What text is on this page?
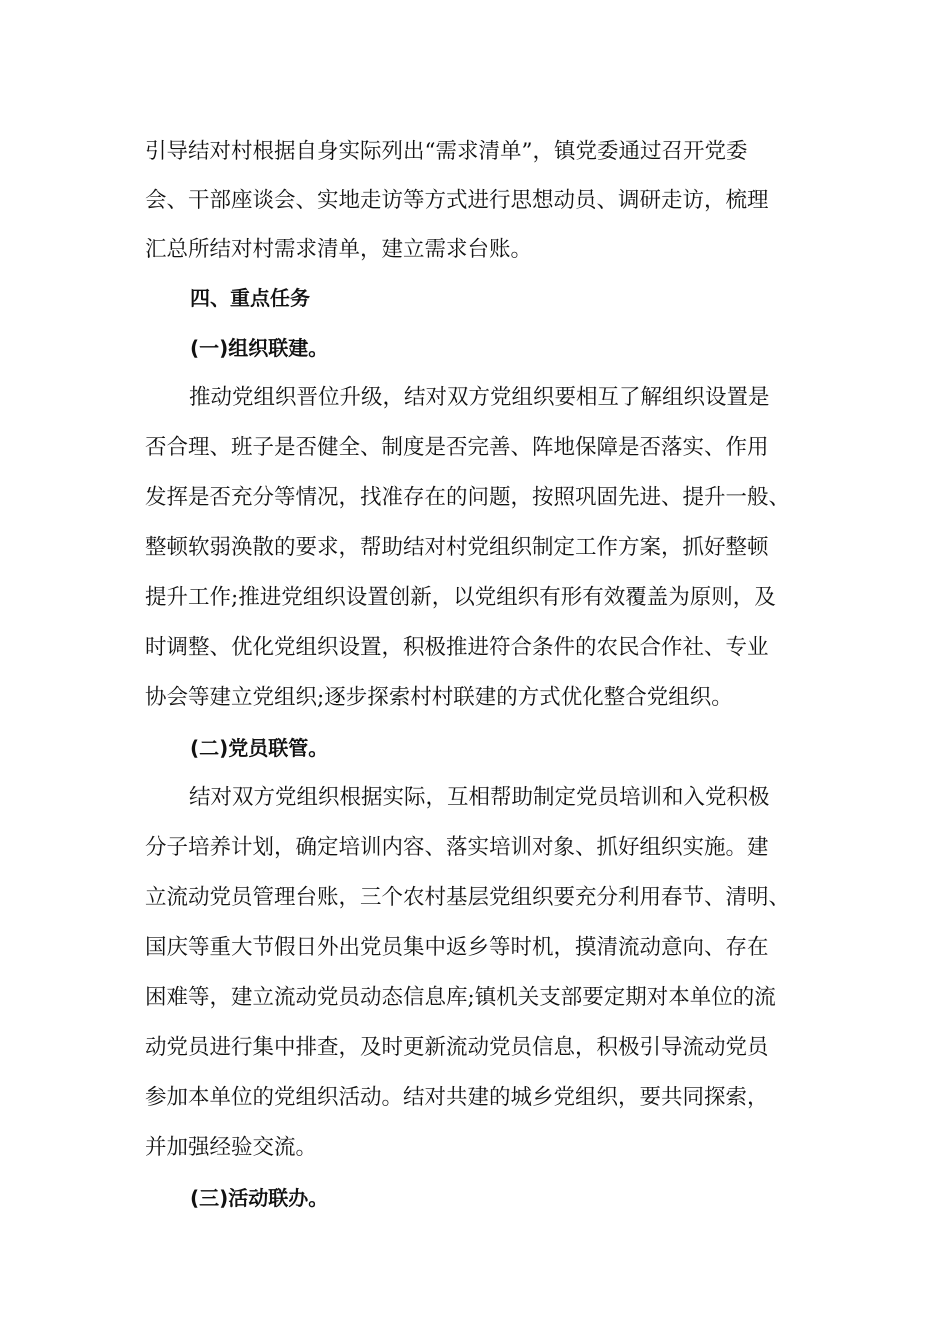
引导结对村根据自身实际列出“需求清单”，镇党委通过召开党委
会、干部座谈会、实地走访等方式进行思想动员、调研走访，梳理
汇总所结对村需求清单，建立需求台账。
四、重点任务
(一)组织联建。
推动党组织晋位升级，结对双方党组织要相互了解组织设置是
否合理、班子是否健全、制度是否完善、阵地保障是否落实、作用
发挥是否充分等情况，找准存在的问题，按照巩固先进、提升一般、
整顿软弱涣散的要求，帮助结对村党组织制定工作方案，抓好整顿
提升工作;推进党组织设置创新，以党组织有形有效覆盖为原则，及
时调整、优化党组织设置，积极推进符合条件的农民合作社、专业
协会等建立党组织;逐步探索村村联建的方式优化整合党组织。
(二)党员联管。
结对双方党组织根据实际，互相帮助制定党员培训和入党积极
分子培养计划，确定培训内容、落实培训对象、抓好组织实施。建
立流动党员管理台账，三个农村基层党组织要充分利用春节、清明、
国庆等重大节假日外出党员集中返乡等时机，摸清流动意向、存在
困难等，建立流动党员动态信息库;镇机关支部要定期对本单位的流
动党员进行集中排查，及时更新流动党员信息，积极引导流动党员
参加本单位的党组织活动。结对共建的城乡党组织，要共同探索，
并加强经验交流。
(三)活动联办。
